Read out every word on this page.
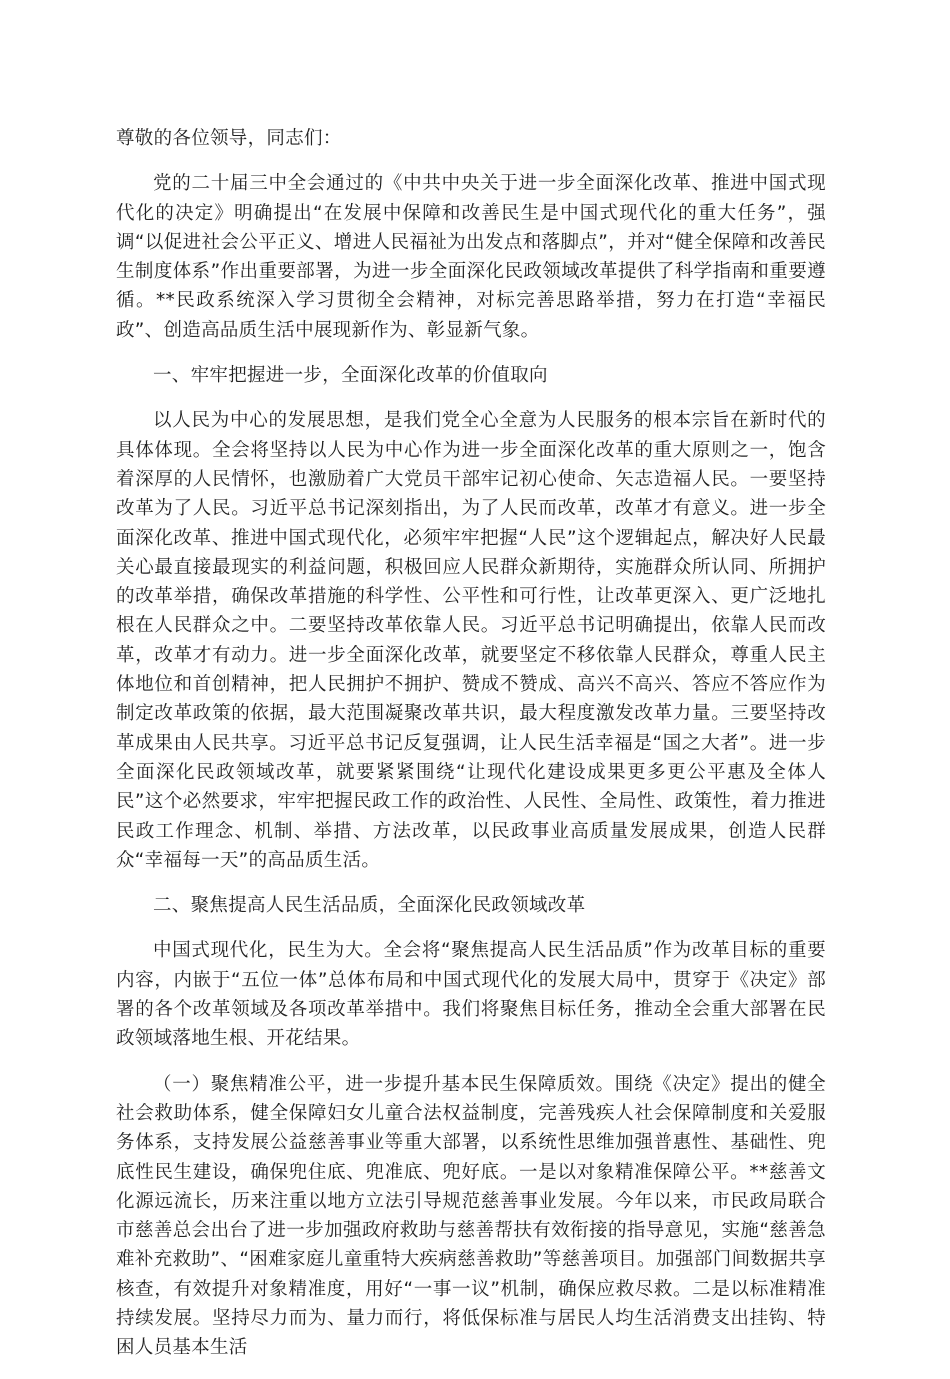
尊敬的各位领导，同志们：

党的二十届三中全会通过的《中共中央关于进一步全面深化改革、推进中国式现代化的决定》明确提出“在发展中保障和改善民生是中国式现代化的重大任务”，强调“以促进社会公平正义、增进人民福祉为出发点和落脚点”，并对“健全保障和改善民生制度体系”作出重要部署，为进一步全面深化民政领域改革提供了科学指南和重要遵循。**民政系统深入学习贯彻全会精神，对标完善思路举措，努力在打造“幸福民政”、创造高品质生活中展现新作为、彰显新气象。

一、牢牢把握进一步，全面深化改革的价值取向

以人民为中心的发展思想，是我们党全心全意为人民服务的根本宗旨在新时代的具体体现。全会将坚持以人民为中心作为进一步全面深化改革的重大原则之一，饱含着深厚的人民情怀，也激励着广大党员干部牢记初心使命、矢志造福人民。一要坚持改革为了人民。习近平总书记深刻指出，为了人民而改革，改革才有意义。进一步全面深化改革、推进中国式现代化，必须牢牢把握“人民”这个逻辑起点，解决好人民最关心最直接最现实的利益问题，积极回应人民群众新期待，实施群众所认同、所拥护的改革举措，确保改革措施的科学性、公平性和可行性，让改革更深入、更广泛地扎根在人民群众之中。二要坚持改革依靠人民。习近平总书记明确提出，依靠人民而改革，改革才有动力。进一步全面深化改革，就要坚定不移依靠人民群众，尊重人民主体地位和首创精神，把人民拥护不拥护、赞成不赞成、高兴不高兴、答应不答应作为制定改革政策的依据，最大范围凝聚改革共识，最大程度激发改革力量。三要坚持改革成果由人民共享。习近平总书记反复强调，让人民生活幸福是“国之大者”。进一步全面深化民政领域改革，就要紧紧围绕“让现代化建设成果更多更公平惠及全体人民”这个必然要求，牢牢把握民政工作的政治性、人民性、全局性、政策性，着力推进民政工作理念、机制、举措、方法改革，以民政事业高质量发展成果，创造人民群众“幸福每一天”的高品质生活。

二、聚焦提高人民生活品质，全面深化民政领域改革

中国式现代化，民生为大。全会将“聚焦提高人民生活品质”作为改革目标的重要内容，内嵌于“五位一体”总体布局和中国式现代化的发展大局中，贯穿于《决定》部署的各个改革领域及各项改革举措中。我们将聚焦目标任务，推动全会重大部署在民政领域落地生根、开花结果。

（一）聚焦精准公平，进一步提升基本民生保障质效。围绕《决定》提出的健全社会救助体系，健全保障妇女儿童合法权益制度，完善残疾人社会保障制度和关爱服务体系，支持发展公益慈善事业等重大部署，以系统性思维加强普惠性、基础性、兜底性民生建设，确保兜住底、兜准底、兜好底。一是以对象精准保障公平。**慈善文化源远流长，历来注重以地方立法引导规范慈善事业发展。今年以来，市民政局联合市慈善总会出台了进一步加强政府救助与慈善帮扶有效衔接的指导意见，实施“慈善急难补充救助”、“困难家庭儿童重特大疾病慈善救助”等慈善项目。加强部门间数据共享核查，有效提升对象精准度，用好“一事一议”机制，确保应救尽救。二是以标准精准持续发展。坚持尽力而为、量力而行，将低保标准与居民人均生活消费支出挂钩、特困人员基本生活
